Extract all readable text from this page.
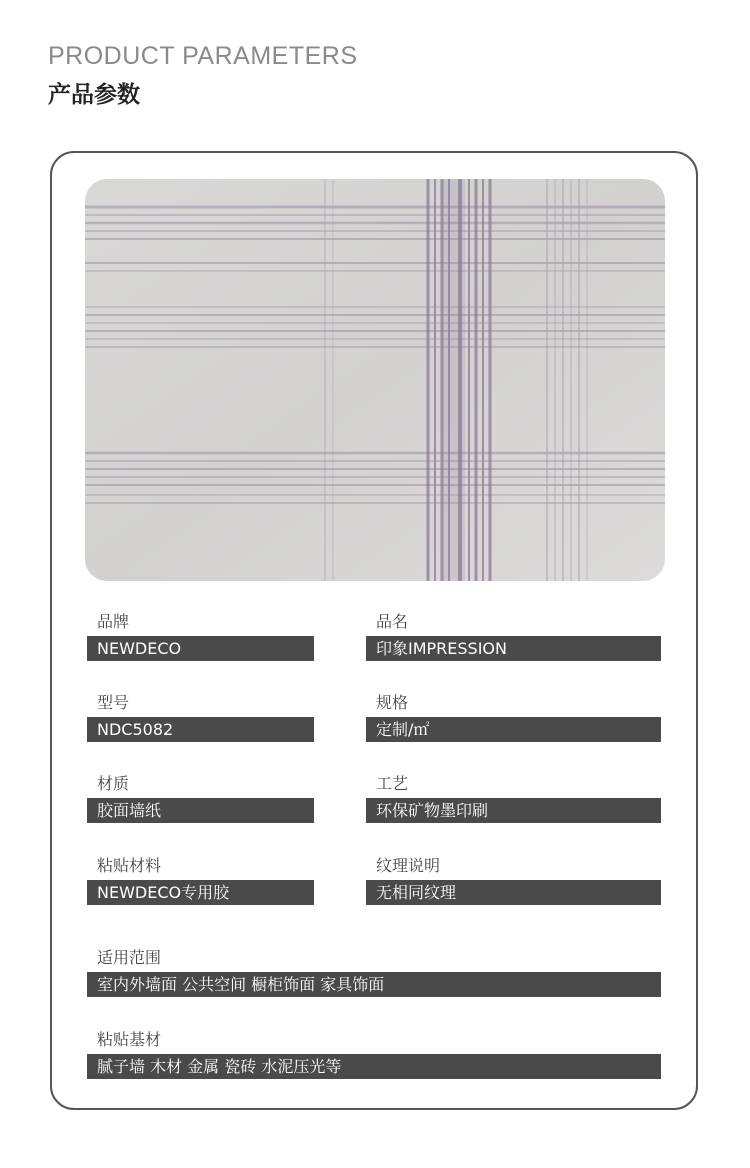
PRODUCT PARAMETERS
产品参数

品牌	品名

NEWDECO	印象IMPRESSION

型号	规格

NDC5082	定制/㎡

材质	工艺

胶面墙纸	环保矿物墨印刷

粘贴材料	纹理说明

NEWDECO专用胶	无相同纹理

适用范围

室内外墙面 公共空间 橱柜饰面 家具饰面

粘贴基材

腻子墙 木材 金属 瓷砖 水泥压光等
